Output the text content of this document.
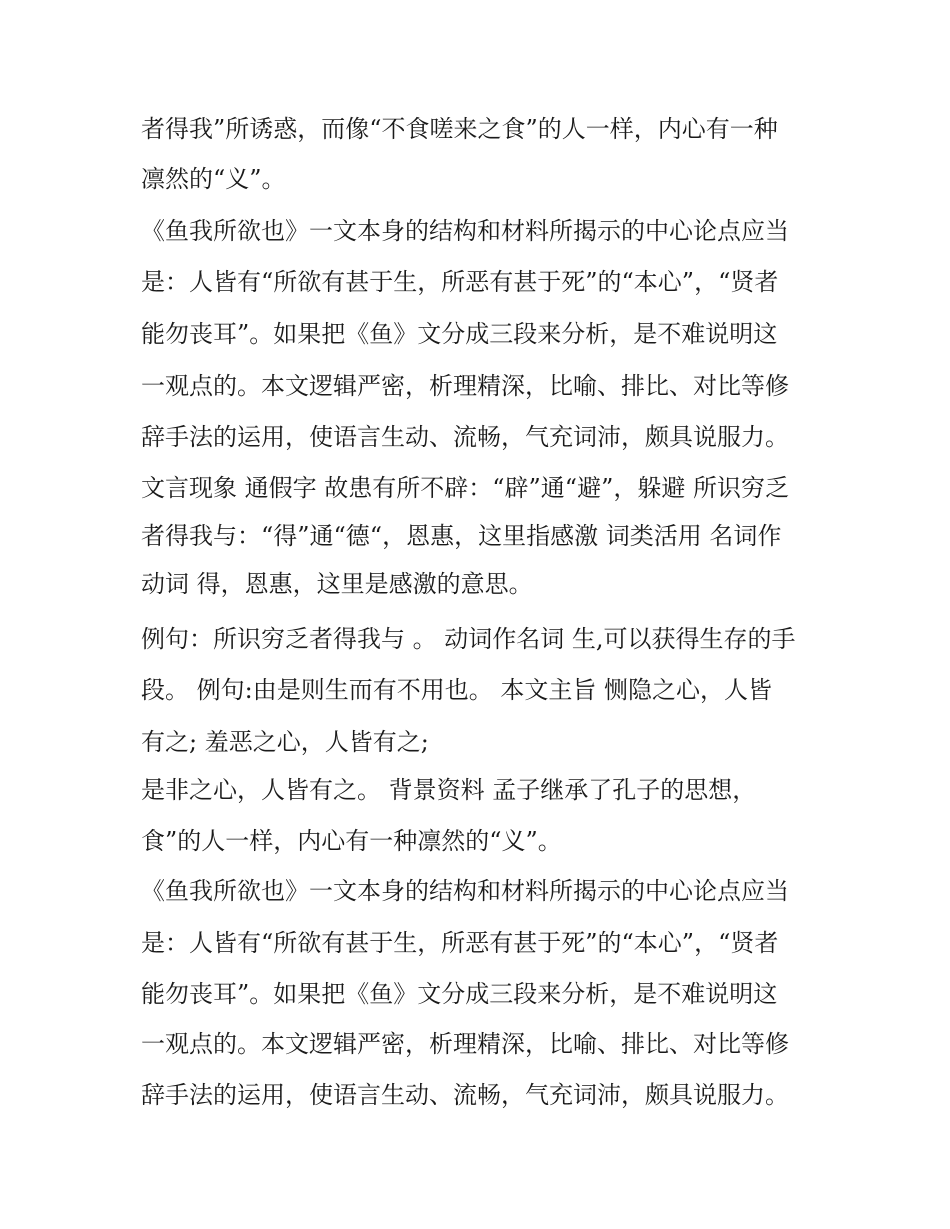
者得我”所诱惑，而像“不食嗟来之食”的人一样，内心有一种
凛然的“义”。
《鱼我所欲也》一文本身的结构和材料所揭示的中心论点应当
是：人皆有“所欲有甚于生，所恶有甚于死”的“本心”，“贤者
能勿丧耳”。如果把《鱼》文分成三段来分析，是不难说明这
一观点的。本文逻辑严密，析理精深，比喻、排比、对比等修
辞手法的运用，使语言生动、流畅，气充词沛，颇具说服力。
文言现象 通假字 故患有所不辟：“辟”通“避”，躲避 所识穷乏
者得我与：“得”通“德“，恩惠，这里指感激 词类活用 名词作
动词 得，恩惠，这里是感激的意思。
例句：所识穷乏者得我与 。 动词作名词 生,可以获得生存的手
段。 例句:由是则生而有不用也。 本文主旨 恻隐之心，人皆
有之; 羞恶之心，人皆有之;
是非之心，人皆有之。 背景资料 孟子继承了孔子的思想，
食”的人一样，内心有一种凛然的“义”。
《鱼我所欲也》一文本身的结构和材料所揭示的中心论点应当
是：人皆有“所欲有甚于生，所恶有甚于死”的“本心”，“贤者
能勿丧耳”。如果把《鱼》文分成三段来分析，是不难说明这
一观点的。本文逻辑严密，析理精深，比喻、排比、对比等修
辞手法的运用，使语言生动、流畅，气充词沛，颇具说服力。
